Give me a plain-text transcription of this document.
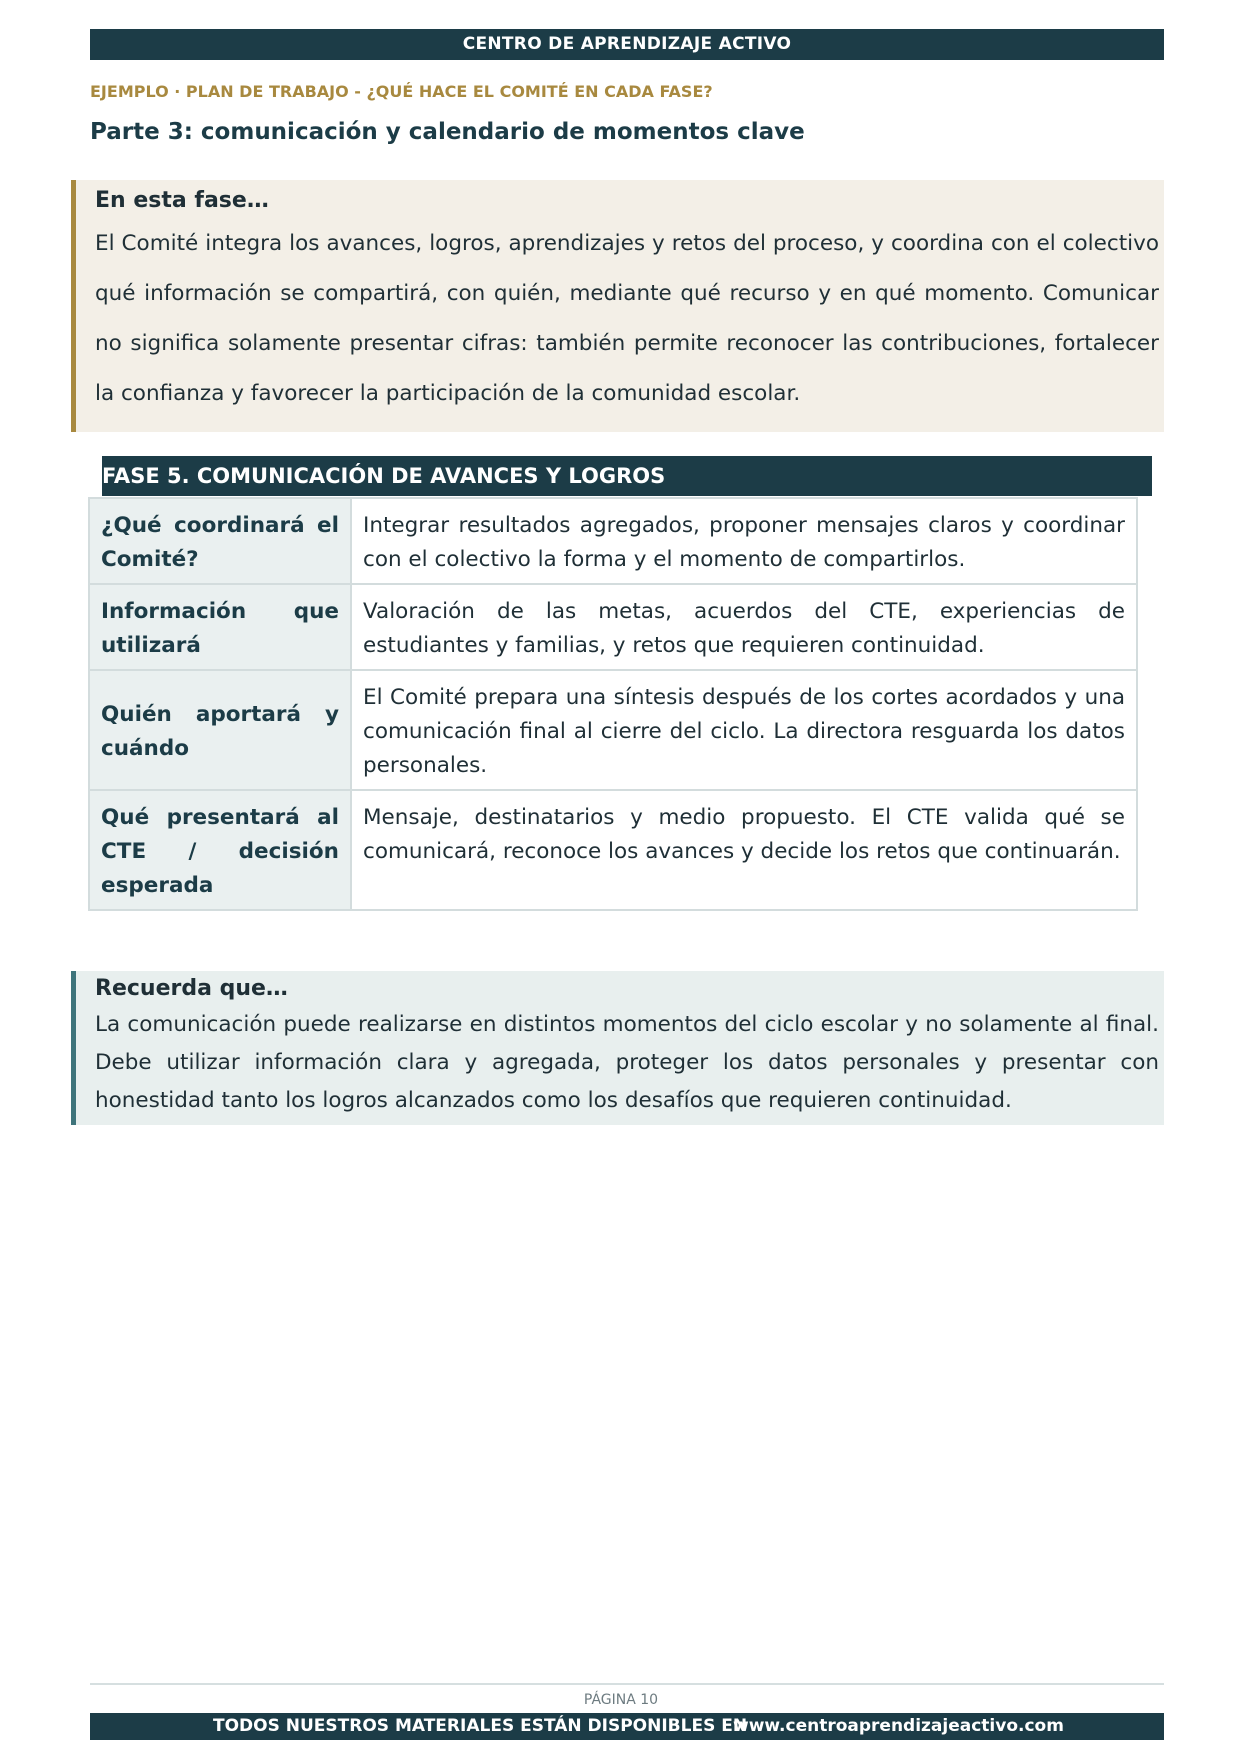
CENTRO DE APRENDIZAJE ACTIVO
EJEMPLO · PLAN DE TRABAJO - ¿QUÉ HACE EL COMITÉ EN CADA FASE?
Parte 3: comunicación y calendario de momentos clave
En esta fase…
El Comité integra los avances, logros, aprendizajes y retos del proceso, y coordina con el colectivo qué información se compartirá, con quién, mediante qué recurso y en qué momento. Comunicar no significa solamente presentar cifras: también permite reconocer las contribuciones, fortalecer la confianza y favorecer la participación de la comunidad escolar.
FASE 5. COMUNICACIÓN DE AVANCES Y LOGROS
¿Qué coordinará el Comité?	Integrar resultados agregados, proponer mensajes claros y coordinar con el colectivo la forma y el momento de compartirlos.
Información que utilizará	Valoración de las metas, acuerdos del CTE, experiencias de estudiantes y familias, y retos que requieren continuidad.
Quién aportará y cuándo	El Comité prepara una síntesis después de los cortes acordados y una comunicación final al cierre del ciclo. La directora resguarda los datos personales.
Qué presentará al CTE / decisión esperada	Mensaje, destinatarios y medio propuesto. El CTE valida qué se comunicará, reconoce los avances y decide los retos que continuarán.
Recuerda que…
La comunicación puede realizarse en distintos momentos del ciclo escolar y no solamente al final. Debe utilizar información clara y agregada, proteger los datos personales y presentar con honestidad tanto los logros alcanzados como los desafíos que requieren continuidad.
PÁGINA 10
TODOS NUESTROS MATERIALES ESTÁN DISPONIBLES EN
www.centroaprendizajeactivo.com
